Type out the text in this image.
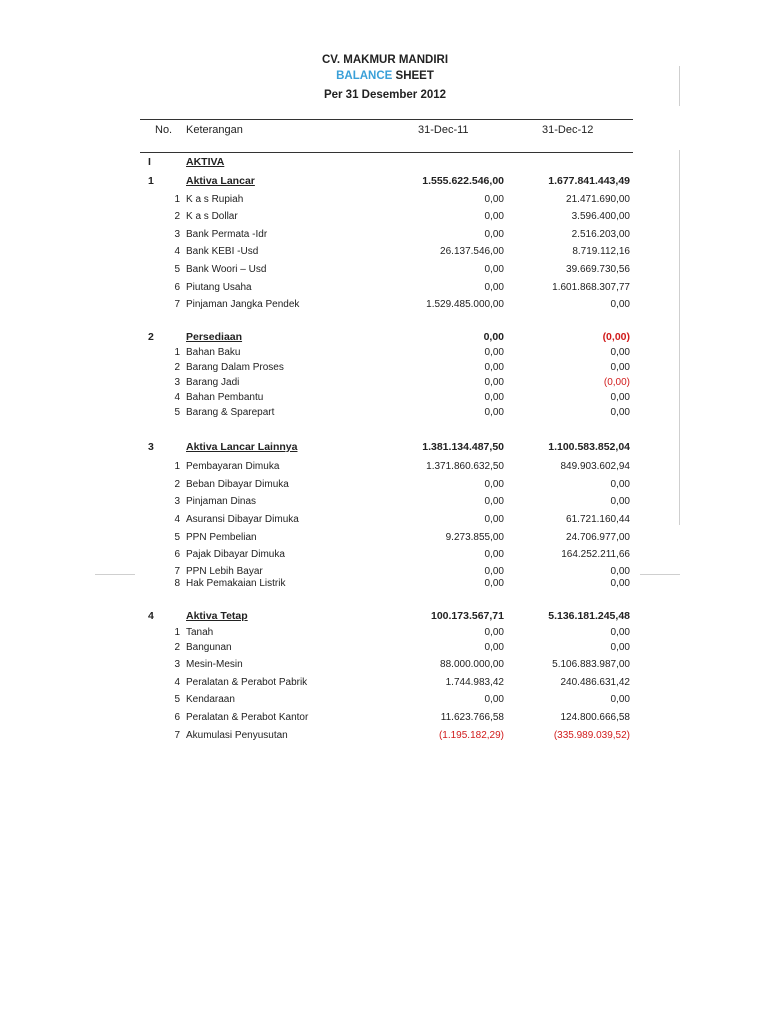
CV. MAKMUR MANDIRI
BALANCE SHEET
Per 31 Desember 2012
No. Keterangan	31-Dec-11	31-Dec-12
I	AKTIVA
1	Aktiva Lancar	1.555.622.546,00	1.677.841.443,49
1 K a s Rupiah	0,00	21.471.690,00
2 K a s Dollar	0,00	3.596.400,00
3 Bank Permata -Idr	0,00	2.516.203,00
4 Bank KEBI -Usd	26.137.546,00	8.719.112,16
5 Bank Woori – Usd	0,00	39.669.730,56
6 Piutang Usaha	0,00	1.601.868.307,77
7 Pinjaman Jangka Pendek	1.529.485.000,00	0,00
2	Persediaan	0,00	(0,00)
1 Bahan Baku	0,00	0,00
2 Barang Dalam Proses	0,00	0,00
3 Barang Jadi	0,00	(0,00)
4 Bahan Pembantu	0,00	0,00
5 Barang & Sparepart	0,00	0,00
3	Aktiva Lancar Lainnya	1.381.134.487,50	1.100.583.852,04
1 Pembayaran Dimuka	1.371.860.632,50	849.903.602,94
2 Beban Dibayar Dimuka	0,00	0,00
3 Pinjaman Dinas	0,00	0,00
4 Asuransi Dibayar Dimuka	0,00	61.721.160,44
5 PPN Pembelian	9.273.855,00	24.706.977,00
6 Pajak Dibayar Dimuka	0,00	164.252.211,66
7 PPN Lebih Bayar	0,00	0,00
8 Hak Pemakaian Listrik	0,00	0,00
4	Aktiva Tetap	100.173.567,71	5.136.181.245,48
1 Tanah	0,00	0,00
2 Bangunan	0,00	0,00
3 Mesin-Mesin	88.000.000,00	5.106.883.987,00
4 Peralatan & Perabot Pabrik	1.744.983,42	240.486.631,42
5 Kendaraan	0,00	0,00
6 Peralatan & Perabot Kantor	11.623.766,58	124.800.666,58
7 Akumulasi Penyusutan	(1.195.182,29)	(335.989.039,52)
